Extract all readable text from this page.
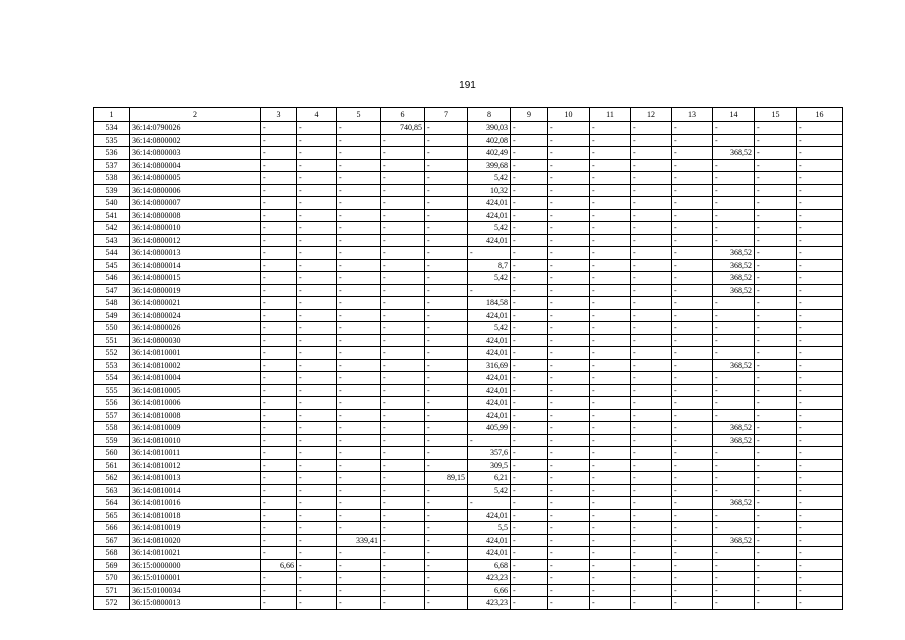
191
1	2	3	4	5	6	7	8	9	10	11	12	13	14	15	16
534	36:14:0790026	-	-	-	740,85	-	390,03	-	-	-	-	-	-	-	-
535	36:14:0800002	-	-	-	-	-	402,08	-	-	-	-	-	-	-	-
536	36:14:0800003	-	-	-	-	-	402,49	-	-	-	-	-	368,52	-	-
537	36:14:0800004	-	-	-	-	-	399,68	-	-	-	-	-	-	-	-
538	36:14:0800005	-	-	-	-	-	5,42	-	-	-	-	-	-	-	-
539	36:14:0800006	-	-	-	-	-	10,32	-	-	-	-	-	-	-	-
540	36:14:0800007	-	-	-	-	-	424,01	-	-	-	-	-	-	-	-
541	36:14:0800008	-	-	-	-	-	424,01	-	-	-	-	-	-	-	-
542	36:14:0800010	-	-	-	-	-	5,42	-	-	-	-	-	-	-	-
543	36:14:0800012	-	-	-	-	-	424,01	-	-	-	-	-	-	-	-
544	36:14:0800013	-	-	-	-	-	-	-	-	-	-	-	368,52	-	-
545	36:14:0800014	-	-	-	-	-	8,7	-	-	-	-	-	368,52	-	-
546	36:14:0800015	-	-	-	-	-	5,42	-	-	-	-	-	368,52	-	-
547	36:14:0800019	-	-	-	-	-	-	-	-	-	-	-	368,52	-	-
548	36:14:0800021	-	-	-	-	-	184,58	-	-	-	-	-	-	-	-
549	36:14:0800024	-	-	-	-	-	424,01	-	-	-	-	-	-	-	-
550	36:14:0800026	-	-	-	-	-	5,42	-	-	-	-	-	-	-	-
551	36:14:0800030	-	-	-	-	-	424,01	-	-	-	-	-	-	-	-
552	36:14:0810001	-	-	-	-	-	424,01	-	-	-	-	-	-	-	-
553	36:14:0810002	-	-	-	-	-	316,69	-	-	-	-	-	368,52	-	-
554	36:14:0810004	-	-	-	-	-	424,01	-	-	-	-	-	-	-	-
555	36:14:0810005	-	-	-	-	-	424,01	-	-	-	-	-	-	-	-
556	36:14:0810006	-	-	-	-	-	424,01	-	-	-	-	-	-	-	-
557	36:14:0810008	-	-	-	-	-	424,01	-	-	-	-	-	-	-	-
558	36:14:0810009	-	-	-	-	-	405,99	-	-	-	-	-	368,52	-	-
559	36:14:0810010	-	-	-	-	-	-	-	-	-	-	-	368,52	-	-
560	36:14:0810011	-	-	-	-	-	357,6	-	-	-	-	-	-	-	-
561	36:14:0810012	-	-	-	-	-	309,5	-	-	-	-	-	-	-	-
562	36:14:0810013	-	-	-	-	89,15	6,21	-	-	-	-	-	-	-	-
563	36:14:0810014	-	-	-	-	-	5,42	-	-	-	-	-	-	-	-
564	36:14:0810016	-	-	-	-	-	-	-	-	-	-	-	368,52	-	-
565	36:14:0810018	-	-	-	-	-	424,01	-	-	-	-	-	-	-	-
566	36:14:0810019	-	-	-	-	-	5,5	-	-	-	-	-	-	-	-
567	36:14:0810020	-	-	339,41	-	-	424,01	-	-	-	-	-	368,52	-	-
568	36:14:0810021	-	-	-	-	-	424,01	-	-	-	-	-	-	-	-
569	36:15:0000000	6,66	-	-	-	-	6,68	-	-	-	-	-	-	-	-
570	36:15:0100001	-	-	-	-	-	423,23	-	-	-	-	-	-	-	-
571	36:15:0100034	-	-	-	-	-	6,66	-	-	-	-	-	-	-	-
572	36:15:0800013	-	-	-	-	-	423,23	-	-	-	-	-	-	-	-
